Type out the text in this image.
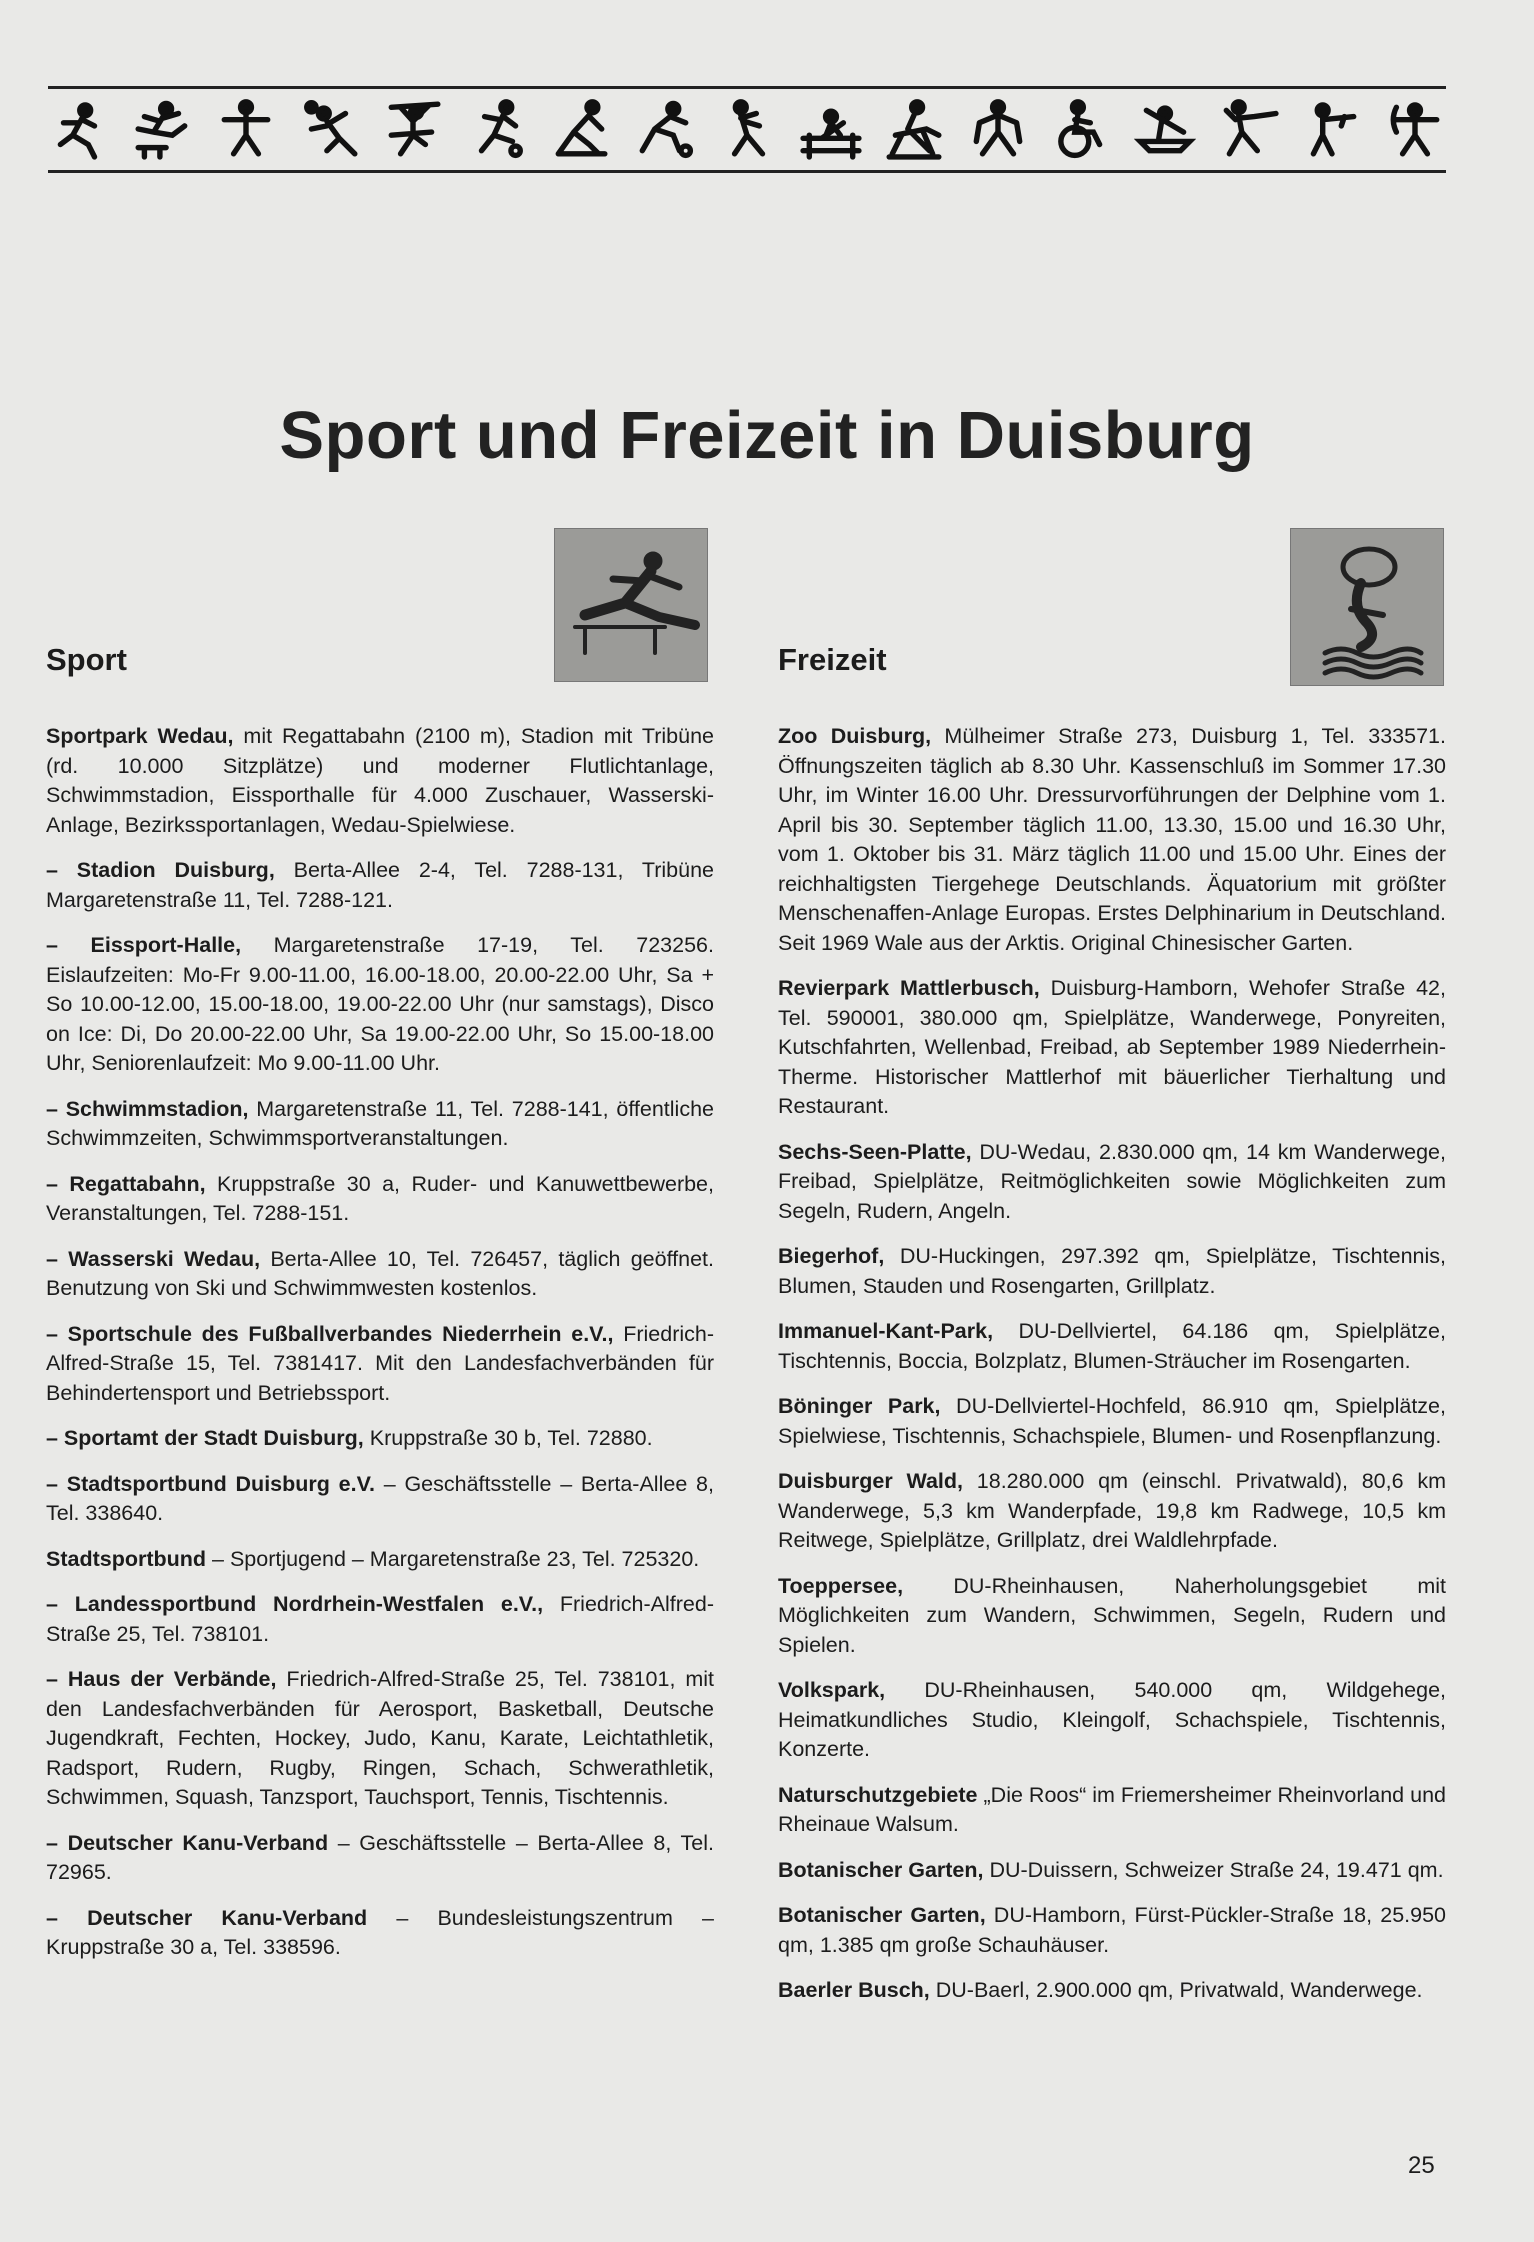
Sport und Freizeit in Duisburg
Sport

Sportpark Wedau, mit Regattabahn (2100 m), Stadion mit Tribüne (rd. 10.000 Sitzplätze) und moderner Flutlichtanlage, Schwimmstadion, Eissporthalle für 4.000 Zuschauer, Wasserski-Anlage, Bezirkssportanlagen, Wedau-Spielwiese.

– Stadion Duisburg, Berta-Allee 2-4, Tel. 7288-131, Tribüne Margaretenstraße 11, Tel. 7288-121.

– Eissport-Halle, Margaretenstraße 17-19, Tel. 723256. Eislaufzeiten: Mo-Fr 9.00-11.00, 16.00-18.00, 20.00-22.00 Uhr, Sa + So 10.00-12.00, 15.00-18.00, 19.00-22.00 Uhr (nur samstags), Disco on Ice: Di, Do 20.00-22.00 Uhr, Sa 19.00-22.00 Uhr, So 15.00-18.00 Uhr, Seniorenlaufzeit: Mo 9.00-11.00 Uhr.

– Schwimmstadion, Margaretenstraße 11, Tel. 7288-141, öffentliche Schwimmzeiten, Schwimmsportveranstaltungen.

– Regattabahn, Kruppstraße 30 a, Ruder- und Kanuwettbewerbe, Veranstaltungen, Tel. 7288-151.

– Wasserski Wedau, Berta-Allee 10, Tel. 726457, täglich geöffnet. Benutzung von Ski und Schwimmwesten kostenlos.

– Sportschule des Fußballverbandes Niederrhein e.V., Friedrich-Alfred-Straße 15, Tel. 7381417. Mit den Landesfachverbänden für Behindertensport und Betriebssport.

– Sportamt der Stadt Duisburg, Kruppstraße 30 b, Tel. 72880.

– Stadtsportbund Duisburg e.V. – Geschäftsstelle – Berta-Allee 8, Tel. 338640.

Stadtsportbund – Sportjugend – Margaretenstraße 23, Tel. 725320.

– Landessportbund Nordrhein-Westfalen e.V., Friedrich-Alfred-Straße 25, Tel. 738101.

– Haus der Verbände, Friedrich-Alfred-Straße 25, Tel. 738101, mit den Landesfachverbänden für Aerosport, Basketball, Deutsche Jugendkraft, Fechten, Hockey, Judo, Kanu, Karate, Leichtathletik, Radsport, Rudern, Rugby, Ringen, Schach, Schwerathletik, Schwimmen, Squash, Tanzsport, Tauchsport, Tennis, Tischtennis.

– Deutscher Kanu-Verband – Geschäftsstelle – Berta-Allee 8, Tel. 72965.

– Deutscher Kanu-Verband – Bundesleistungszentrum – Kruppstraße 30 a, Tel. 338596.

Freizeit

Zoo Duisburg, Mülheimer Straße 273, Duisburg 1, Tel. 333571. Öffnungszeiten täglich ab 8.30 Uhr. Kassenschluß im Sommer 17.30 Uhr, im Winter 16.00 Uhr. Dressurvorführungen der Delphine vom 1. April bis 30. September täglich 11.00, 13.30, 15.00 und 16.30 Uhr, vom 1. Oktober bis 31. März täglich 11.00 und 15.00 Uhr. Eines der reichhaltigsten Tiergehege Deutschlands. Äquatorium mit größter Menschenaffen-Anlage Europas. Erstes Delphinarium in Deutschland. Seit 1969 Wale aus der Arktis. Original Chinesischer Garten.

Revierpark Mattlerbusch, Duisburg-Hamborn, Wehofer Straße 42, Tel. 590001, 380.000 qm, Spielplätze, Wanderwege, Ponyreiten, Kutschfahrten, Wellenbad, Freibad, ab September 1989 Niederrhein-Therme. Historischer Mattlerhof mit bäuerlicher Tierhaltung und Restaurant.

Sechs-Seen-Platte, DU-Wedau, 2.830.000 qm, 14 km Wanderwege, Freibad, Spielplätze, Reitmöglichkeiten sowie Möglichkeiten zum Segeln, Rudern, Angeln.

Biegerhof, DU-Huckingen, 297.392 qm, Spielplätze, Tischtennis, Blumen, Stauden und Rosengarten, Grillplatz.

Immanuel-Kant-Park, DU-Dellviertel, 64.186 qm, Spielplätze, Tischtennis, Boccia, Bolzplatz, Blumen-Sträucher im Rosengarten.

Böninger Park, DU-Dellviertel-Hochfeld, 86.910 qm, Spielplätze, Spielwiese, Tischtennis, Schachspiele, Blumen- und Rosenpflanzung.

Duisburger Wald, 18.280.000 qm (einschl. Privatwald), 80,6 km Wanderwege, 5,3 km Wanderpfade, 19,8 km Radwege, 10,5 km Reitwege, Spielplätze, Grillplatz, drei Waldlehrpfade.

Toeppersee, DU-Rheinhausen, Naherholungsgebiet mit Möglichkeiten zum Wandern, Schwimmen, Segeln, Rudern und Spielen.

Volkspark, DU-Rheinhausen, 540.000 qm, Wildgehege, Heimatkundliches Studio, Kleingolf, Schachspiele, Tischtennis, Konzerte.

Naturschutzgebiete „Die Roos“ im Friemersheimer Rheinvorland und Rheinaue Walsum.

Botanischer Garten, DU-Duissern, Schweizer Straße 24, 19.471 qm.

Botanischer Garten, DU-Hamborn, Fürst-Pückler-Straße 18, 25.950 qm, 1.385 qm große Schauhäuser.

Baerler Busch, DU-Baerl, 2.900.000 qm, Privatwald, Wanderwege.

25
